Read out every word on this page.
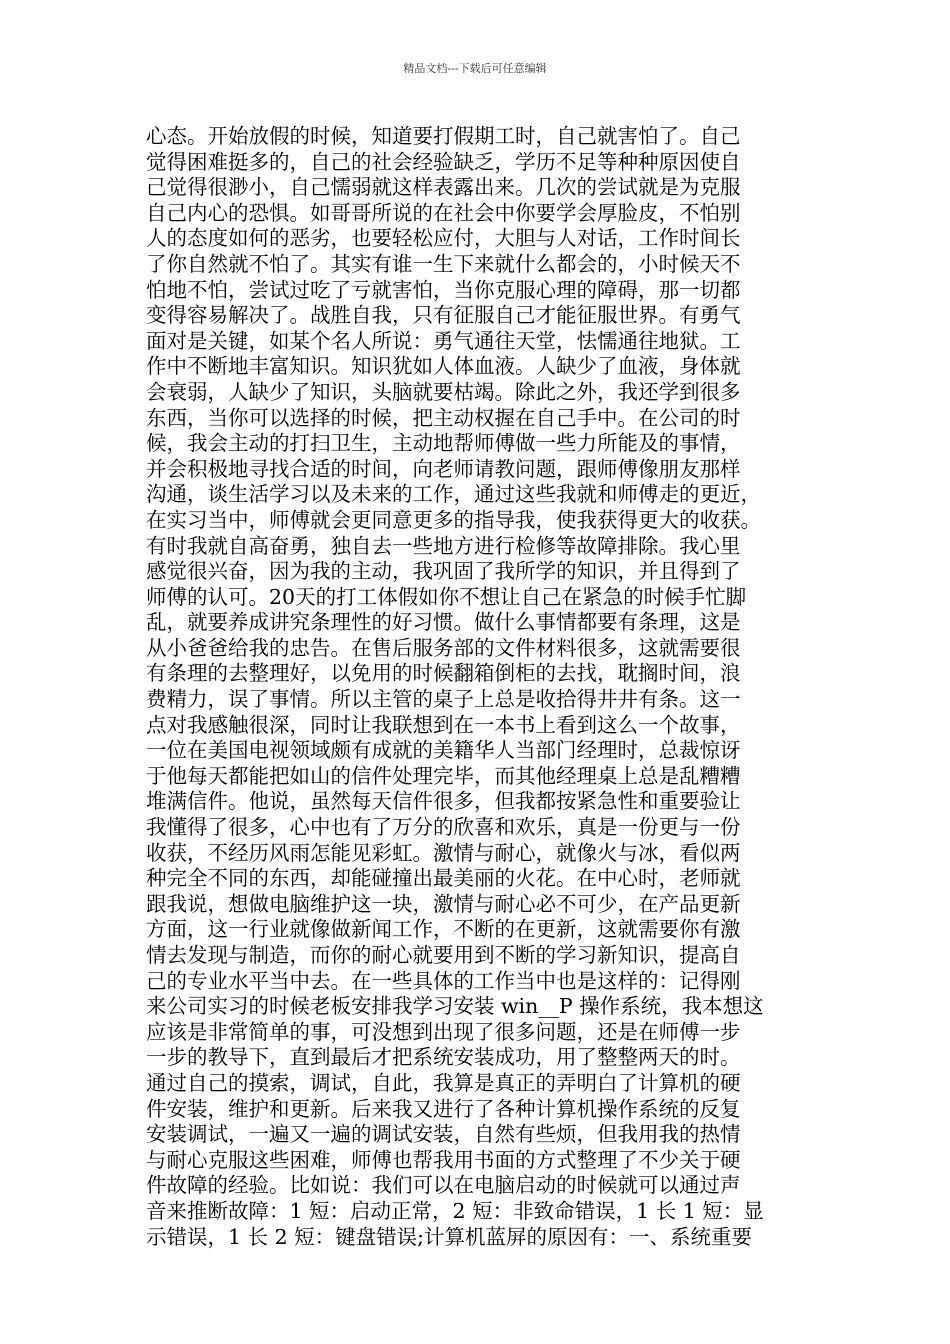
精品文档---下载后可任意编辑
心态。开始放假的时候，知道要打假期工时，自己就害怕了。自己
觉得困难挺多的，自己的社会经验缺乏，学历不足等种种原因使自
己觉得很渺小，自己懦弱就这样表露出来。几次的尝试就是为克服
自己内心的恐惧。如哥哥所说的在社会中你要学会厚脸皮，不怕别
人的态度如何的恶劣，也要轻松应付，大胆与人对话，工作时间长
了你自然就不怕了。其实有谁一生下来就什么都会的，小时候天不
怕地不怕，尝试过吃了亏就害怕，当你克服心理的障碍，那一切都
变得容易解决了。战胜自我，只有征服自己才能征服世界。有勇气
面对是关键，如某个名人所说：勇气通往天堂，怯懦通往地狱。工
作中不断地丰富知识。知识犹如人体血液。人缺少了血液，身体就
会衰弱，人缺少了知识，头脑就要枯竭。除此之外，我还学到很多
东西，当你可以选择的时候，把主动权握在自己手中。在公司的时
候，我会主动的打扫卫生，主动地帮师傅做一些力所能及的事情，
并会积极地寻找合适的时间，向老师请教问题，跟师傅像朋友那样
沟通，谈生活学习以及未来的工作，通过这些我就和师傅走的更近，
在实习当中，师傅就会更同意更多的指导我，使我获得更大的收获。
有时我就自高奋勇，独自去一些地方进行检修等故障排除。我心里
感觉很兴奋，因为我的主动，我巩固了我所学的知识，并且得到了
师傅的认可。20天的打工体假如你不想让自己在紧急的时候手忙脚
乱，就要养成讲究条理性的好习惯。做什么事情都要有条理，这是
从小爸爸给我的忠告。在售后服务部的文件材料很多，这就需要很
有条理的去整理好，以免用的时候翻箱倒柜的去找，耽搁时间，浪
费精力，误了事情。所以主管的桌子上总是收拾得井井有条。这一
点对我感触很深，同时让我联想到在一本书上看到这么一个故事，
一位在美国电视领域颇有成就的美籍华人当部门经理时，总裁惊讶
于他每天都能把如山的信件处理完毕，而其他经理桌上总是乱糟糟
堆满信件。他说，虽然每天信件很多，但我都按紧急性和重要验让
我懂得了很多，心中也有了万分的欣喜和欢乐，真是一份更与一份
收获，不经历风雨怎能见彩虹。激情与耐心，就像火与冰，看似两
种完全不同的东西，却能碰撞出最美丽的火花。在中心时，老师就
跟我说，想做电脑维护这一块，激情与耐心必不可少，在产品更新
方面，这一行业就像做新闻工作，不断的在更新，这就需要你有激
情去发现与制造，而你的耐心就要用到不断的学习新知识，提高自
己的专业水平当中去。在一些具体的工作当中也是这样的：记得刚
来公司实习的时候老板安排我学习安装 win__P 操作系统，我本想这
应该是非常简单的事，可没想到出现了很多问题，还是在师傅一步
一步的教导下，直到最后才把系统安装成功，用了整整两天的时。
通过自己的摸索，调试，自此，我算是真正的弄明白了计算机的硬
件安装，维护和更新。后来我又进行了各种计算机操作系统的反复
安装调试，一遍又一遍的调试安装，自然有些烦，但我用我的热情
与耐心克服这些困难，师傅也帮我用书面的方式整理了不少关于硬
件故障的经验。比如说：我们可以在电脑启动的时候就可以通过声
音来推断故障：1 短：启动正常，2 短：非致命错误，1 长 1 短：显
示错误，1 长 2 短：键盘错误;计算机蓝屏的原因有：一、系统重要
